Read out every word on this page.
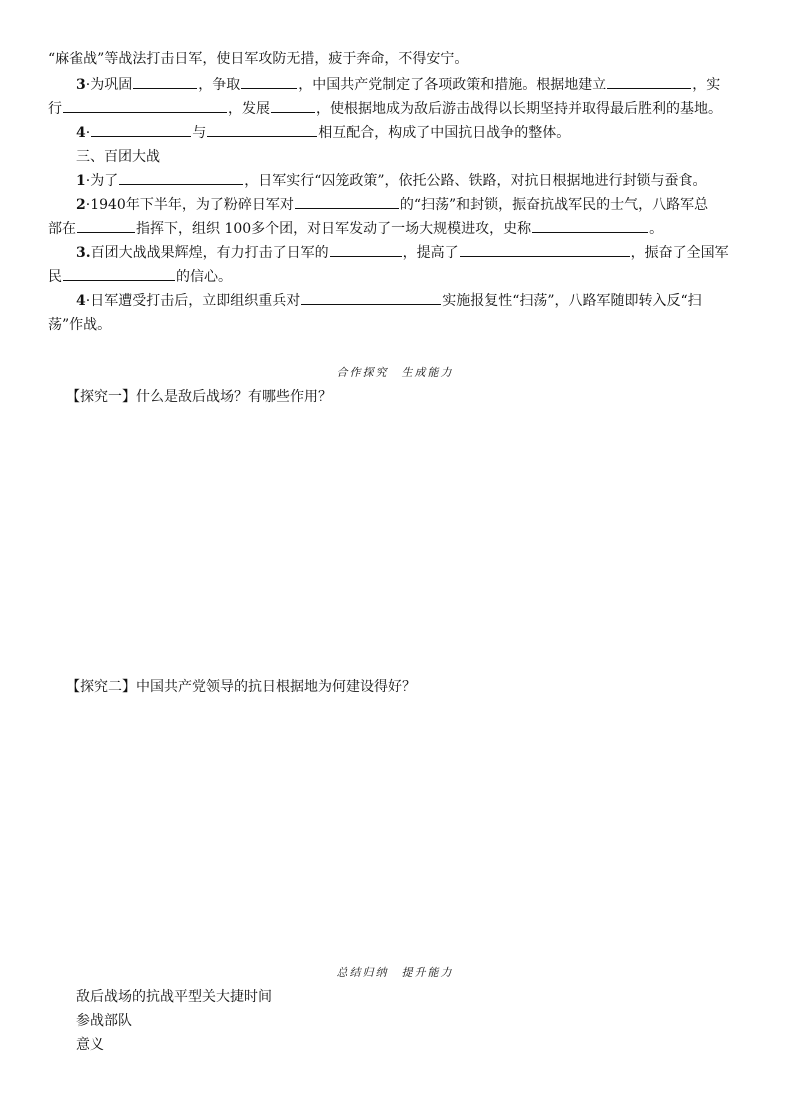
“麻雀战”等战法打击日军，使日军攻防无措，疲于奔命，不得安宁。
3·为巩固	，争取	，中国共产党制定了各项政策和措施。根据地建立	，实
行	，发展	，使根据地成为敌后游击战得以长期坚持并取得最后胜利的基地。
4·	与	相互配合，构成了中国抗日战争的整体。
三、百团大战
1·为了	，日军实行“囚笼政策”，依托公路、铁路，对抗日根据地进行封锁与蚕食。
2·1940年下半年，为了粉碎日军对	的“扫荡”和封锁，振奋抗战军民的士气，八路军总
部在	指挥下，组织 100多个团，对日军发动了一场大规模进攻，史称	。
3.百团大战战果辉煌，有力打击了日军的	，提高了	，振奋了全国军
民	的信心。
4·日军遭受打击后，立即组织重兵对	实施报复性“扫荡”，八路军随即转入反“扫
荡”作战。
合作探究　生成能力
【探究一】什么是敌后战场？有哪些作用？
【探究二】中国共产党领导的抗日根据地为何建设得好？
总结归纳　提升能力
敌后战场的抗战平型关大捷时间
参战部队
意义
